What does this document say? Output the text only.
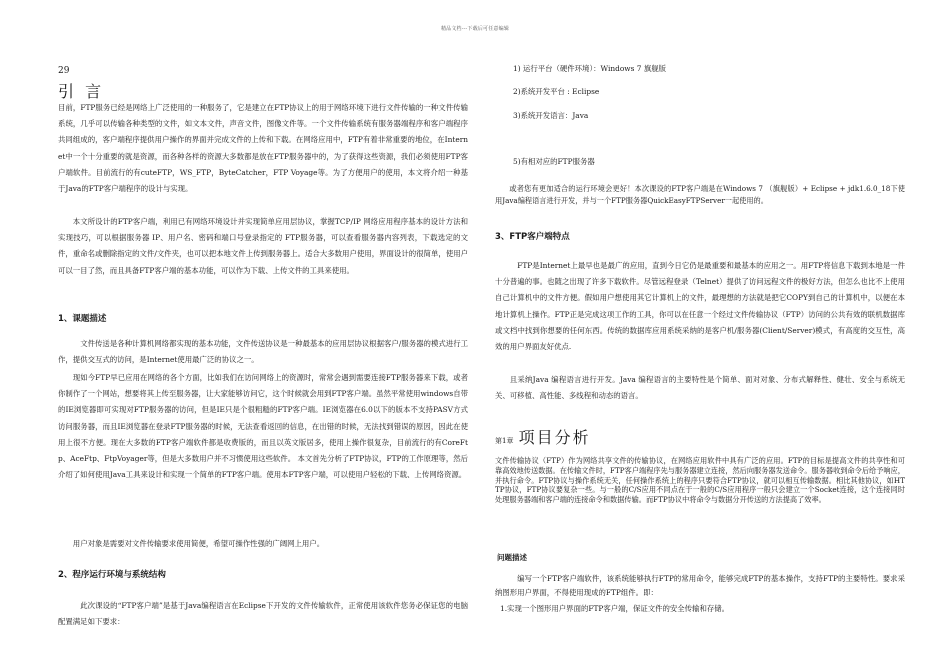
精品文档---下载后可任意编辑
29
引 言
目前，FTP服务已经是网络上广泛使用的一种服务了，它是建立在FTP协议上的用于网络环境下进行文件传输的一种文件传输系统，几乎可以传输各种类型的文件，如文本文件，声音文件，图像文件等。一个文件传输系统有服务器端程序和客户端程序共同组成的，客户端程序提供用户操作的界面并完成文件的上传和下载。在网络应用中，FTP有着非常重要的地位，在Internet中一个十分重要的就是资源，而各种各样的资源大多数都是放在FTP服务器中的，为了获得这些资源，我们必须使用FTP客户端软件。目前流行的有cuteFTP，WS_FTP，ByteCatcher，FTP Voyage等。为了方便用户的使用，本文将介绍一种基于Java的FTP客户端程序的设计与实现。
本文所设计的FTP客户端，利用已有网络环境设计并实现简单应用层协议，掌握TCP/IP 网络应用程序基本的设计方法和实现技巧，可以根据服务器 IP、用户名、密码和端口号登录指定的 FTP服务器，可以查看服务器内容列表，下载选定的文件，重命名或删除指定的文件/文件夹，也可以把本地文件上传到服务器上。适合大多数用户使用，界面设计的很简单，使用户可以一目了然，而且具备FTP客户端的基本功能，可以作为下载、上传文件的工具来使用。
1、课题描述
文件传送是各种计算机网络都实现的基本功能，文件传送协议是一种最基本的应用层协议根据客户/服务器的模式进行工作，提供交互式的访问，是Internet使用最广泛的协议之一。
现如今FTP早已应用在网络的各个方面，比如我们在访问网络上的资源时，常常会遇到需要连接FTP服务器来下载，或者你制作了一个网站，想要将其上传至服务器，让大家能够访问它，这个时候就会用到FTP客户端。虽然平常使用windows自带的IE浏览器即可实现对FTP服务器的访问，但是IE只是个很粗糙的FTP客户端。IE浏览器在6.0以下的版本不支持PASV方式访问服务器，而且IE浏览器在登录FTP服务器的时候，无法查看返回的信息，在出错的时候，无法找到错误的原因，因此在使用上很不方便。现在大多数的FTP客户端软件都是收费版的，而且以英文版居多，使用上操作很复杂，目前流行的有CoreFtp、AceFtp、FtpVoyager等，但是大多数用户并不习惯使用这些软件。 本文首先分析了FTP协议，FTP的工作原理等，然后介绍了如何使用Java工具来设计和实现一个简单的FTP客户端。使用本FTP客户端，可以使用户轻松的下载、上传网络资源。
用户对象是需要对文件传输要求使用简便，希望可操作性强的广阔网上用户。
2、程序运行环境与系统结构
此次课设的“FTP客户端”是基于Java编程语言在Eclipse下开发的文件传输软件，正常使用该软件您务必保证您的电脑配置满足如下要求：
1) 运行平台（硬件环境）：Windows 7 旗舰版
2)系统开发平台 : Eclipse
3)系统开发语言：Java
5)有相对应的FTP服务器
或者您有更加适合的运行环境会更好！本次课设的FTP客户端是在Windows 7 （旗舰版）+ Eclipse + jdk1.6.0_18下使用Java编程语言进行开发，并与一个FTP服务器QuickEasyFTPServer一起使用的。
3、FTP客户端特点
FTP是Internet上最早也是最广的应用，直到今日它仍是最重要和最基本的应用之一。用FTP将信息下载到本地是一件十分普遍的事。也随之出现了许多下载软件。尽管远程登录（Telnet）提供了访问远程文件的极好方法，但怎么也比不上使用自己计算机中的文件方便。假如用户想使用其它计算机上的文件，最理想的方法就是把它COPY到自己的计算机中，以便在本地计算机上操作。FTP正是完成这项工作的工具，你可以在任意一个经过文件传输协议（FTP）访问的公共有效的联机数据库或文档中找到你想要的任何东西。传统的数据库应用系统采纳的是客户机/服务器(Client/Server)模式，有高度的交互性，高效的用户界面友好优点.
且采纳Java 编程语言进行开发。Java 编程语言的主要特性是个简单、面对对象、分布式解释性、健壮、安全与系统无关、可移植、高性能、多线程和动态的语言。
第1章 项目分析
文件传输协议（FTP）作为网络共享文件的传输协议，在网络应用软件中具有广泛的应用。FTP的目标是提高文件的共享性和可靠高效地传送数据。在传输文件时，FTP客户端程序先与服务器建立连接，然后向服务器发送命令。服务器收到命令后给予响应，并执行命令。FTP协议与操作系统无关，任何操作系统上的程序只要符合FTP协议，就可以相互传输数据。相比其他协议，如HTTP协议，FTP协议要复杂一些。与一般的C/S应用不同点在于一般的C/S应用程序一般只会建立一个Socket连接，这个连接同时处理服务器端和客户端的连接命令和数据传输。而FTP协议中将命令与数据分开传送的方法提高了效率。
问题描述
编写一个FTP客户端软件，该系统能够执行FTP的常用命令，能够完成FTP的基本操作，支持FTP的主要特性。要求采纳图形用户界面，不得使用现成的FTP组件。即：
1.实现一个图形用户界面的FTP客户端，保证文件的安全传输和存储。
